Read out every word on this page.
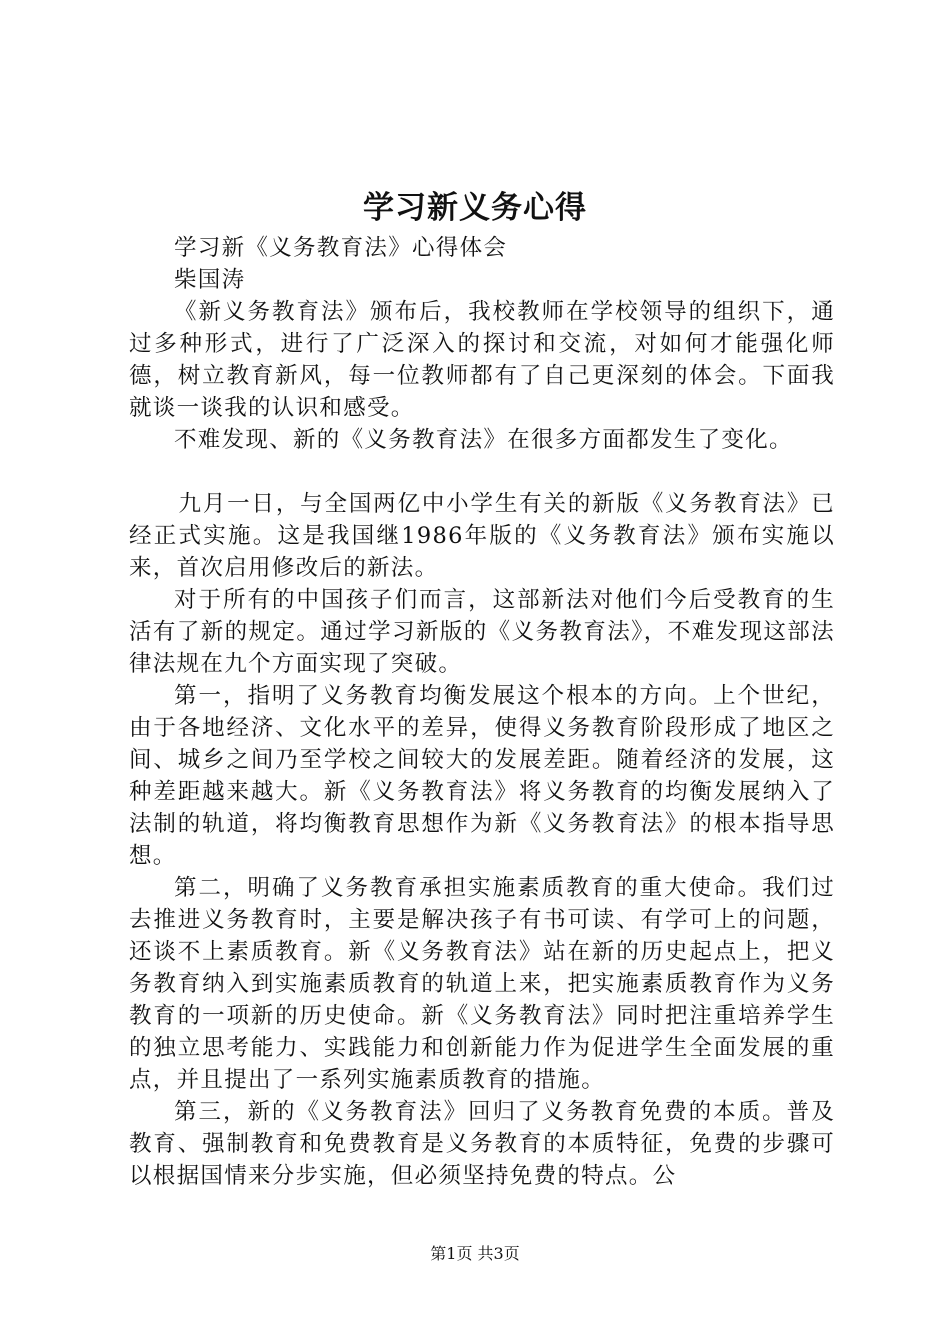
学习新义务心得

学习新《义务教育法》心得体会

柴国涛

《新义务教育法》颁布后，我校教师在学校领导的组织下，通过多种形式，进行了广泛深入的探讨和交流，对如何才能强化师德，树立教育新风，每一位教师都有了自己更深刻的体会。下面我就谈一谈我的认识和感受。

不难发现、新的《义务教育法》在很多方面都发生了变化。

九月一日，与全国两亿中小学生有关的新版《义务教育法》已经正式实施。这是我国继1986年版的《义务教育法》颁布实施以来，首次启用修改后的新法。

对于所有的中国孩子们而言，这部新法对他们今后受教育的生活有了新的规定。通过学习新版的《义务教育法》，不难发现这部法律法规在九个方面实现了突破。

第一，指明了义务教育均衡发展这个根本的方向。上个世纪，由于各地经济、文化水平的差异，使得义务教育阶段形成了地区之间、城乡之间乃至学校之间较大的发展差距。随着经济的发展，这种差距越来越大。新《义务教育法》将义务教育的均衡发展纳入了法制的轨道，将均衡教育思想作为新《义务教育法》的根本指导思想。

第二，明确了义务教育承担实施素质教育的重大使命。我们过去推进义务教育时，主要是解决孩子有书可读、有学可上的问题，还谈不上素质教育。新《义务教育法》站在新的历史起点上，把义务教育纳入到实施素质教育的轨道上来，把实施素质教育作为义务教育的一项新的历史使命。新《义务教育法》同时把注重培养学生的独立思考能力、实践能力和创新能力作为促进学生全面发展的重点，并且提出了一系列实施素质教育的措施。

第三，新的《义务教育法》回归了义务教育免费的本质。普及教育、强制教育和免费教育是义务教育的本质特征，免费的步骤可以根据国情来分步实施，但必须坚持免费的特点。公

第1页 共3页
